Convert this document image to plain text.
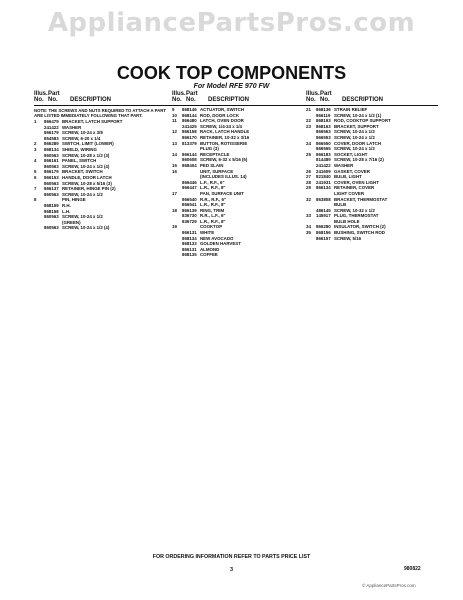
AppliancePartsPros.com
COOK TOP COMPONENTS
For Model RFE 970 FW
Illus.
No.
Part
No.	DESCRIPTION
NOTE: THE SCREWS AND NUTS REQUIRED TO ATTACH A PART ARE LISTED IMMEDIATELY FOLLOWING THAT PART.
1	866479 BRACKET, LATCH SUPPORT
241422 WASHER
866179 SCREW, 10-24 x 3/8
854583 SCREW, 6-20 x 1/4
2	866289 SWITCH, LIMIT (LOWER)
3	868134 SHIELD, WIRING
860563 SCREW, 10-28 x 1/2 (3)
4	866161 PANEL, SWITCH
860563 SCREW, 10-24 x 1/2 (4)
5	866179 BRACKET, SWITCH
6	866153 HANDLE, DOOR LATCH
860563 SCREW, 10-28 x 5/16 (3)
7	866137 RETAINER, HINGE PIN (2)
860563 SCREW, 10-24 x 1/2
8	PIN, HINGE
868159 R.H.
868158 L.H.
860563 SCREW, 10-24 x 1/2
(GREEN)
860563 SCREW, 10-24 x 1/2 (4)
Illus.
No.
Part
No.	DESCRIPTION
9	868146 ACTUATOR, SWITCH
10	868144 ROD, DOOR LOCK
11	866480 LATCH, OVEN DOOR
241425 SCREW, 1/4-24 x 1/4
12	866158 RACK, LATCH HANDLE
866170 RETAINER, 10-32 x 3/16
13	813379 BUTTON, ROTISSERIE
PLUG (3)
14	866144 RECEPTACLE
860608 SCREW, 6-32 x 5/16 (6)
15	868404 PED SLAIN
16	UNIT, SURFACE
(INCLUDES ILLUS. 14)
866446 L.F., R.F., 6"
866447 L.R., R.F., 8"
17	PAN, SURFACE UNIT
866540 R.R., R.F., 6"
866541 L.R., R.F., 8"
18	866139 RING, TRIM
836730 R.R., L.F., 6"
836729 L.R., R.F., 8"
19	COOKTOP
866131 WHITE
868134 NEW AVOCADO
868133 GOLDEN HARVEST
866131 ALMOND
868135 COFFEE
Illus.
No.
Part
No.	DESCRIPTION
21	868136 STRAIN RELIEF
866119 SCREW, 10-24 x 1/2 (1)
22	868193 ROD, COOKTOP SUPPORT
23	868163 BRACKET, SUPPORT
866563 SCREW, 10-24 x 1/2
866553 SCREW, 10-24 x 1/2
24	866550 COVER, DOOR LATCH
866565 SCREW, 10-24 x 1/2
25	866183 SOCKET, LIGHT
814489 SCREW, 10-28 x 7/16 (2)
241422 WASHER
26	241609 GASKET, COVER
27	821840 BULB, LIGHT
28	241931 COVER, OVEN LIGHT
29	866134 RETAINER, COVER
LIGHT COVER
32	863808 BRACKET, THERMOSTAT
BULB
486145 SCREW, 10-32 x 1/2
33	145917 PLUG, THERMOSTAT
BULB HOLE
34	866280 INSULATOR, SWITCH (2)
35	868156 BUSHING, SWITCH ROD
866157 SCREW, 5/16
FOR ORDERING INFORMATION REFER TO PARTS PRICE LIST
3	980822
© AppliancePartsPros.com
